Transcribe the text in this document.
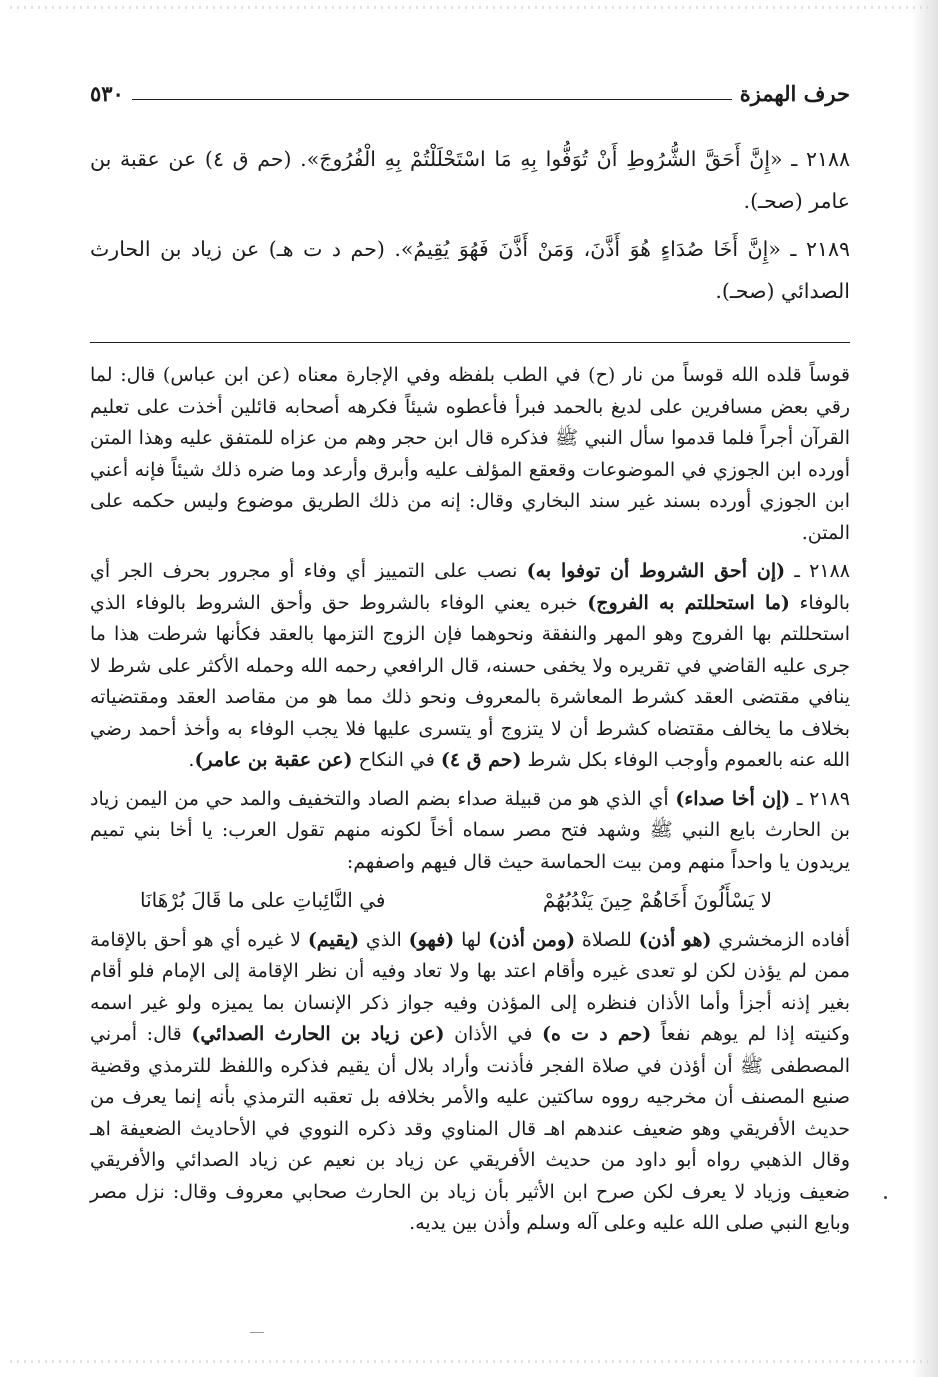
حرف الهمزة
٥٣٠

٢١٨٨ ـ «إِنَّ أَحَقَّ الشُّرُوطِ أَنْ تُوَفُّوا بِهِ مَا اسْتَحْلَلْتُمْ بِهِ الْفُرُوجَ». (حم ق ٤) عن عقبة بن عامر (صحـ).

٢١٨٩ ـ «إِنَّ أَخَا صُدَاءٍ هُوَ أَذَّنَ، وَمَنْ أَذَّنَ فَهُوَ يُقِيمُ». (حم د ت هـ) عن زياد بن الحارث الصدائي (صحـ).

قوساً قلده الله قوساً من نار (ح) في الطب بلفظه وفي الإجارة معناه (عن ابن عباس) قال: لما رقي بعض مسافرين على لديغ بالحمد فبرأ فأعطوه شيئاً فكرهه أصحابه قائلين أخذت على تعليم القرآن أجراً فلما قدموا سأل النبي ﷺ فذكره قال ابن حجر وهم من عزاه للمتفق عليه وهذا المتن أورده ابن الجوزي في الموضوعات وقعقع المؤلف عليه وأبرق وأرعد وما ضره ذلك شيئاً فإنه أعني ابن الجوزي أورده بسند غير سند البخاري وقال: إنه من ذلك الطريق موضوع وليس حكمه على المتن.

٢١٨٨ ـ (إن أحق الشروط أن توفوا به) نصب على التمييز أي وفاء أو مجرور بحرف الجر أي بالوفاء (ما استحللتم به الفروج) خبره يعني الوفاء بالشروط حق وأحق الشروط بالوفاء الذي استحللتم بها الفروج وهو المهر والنفقة ونحوهما فإن الزوج التزمها بالعقد فكأنها شرطت هذا ما جرى عليه القاضي في تقريره ولا يخفى حسنه، قال الرافعي رحمه الله وحمله الأكثر على شرط لا ينافي مقتضى العقد كشرط المعاشرة بالمعروف ونحو ذلك مما هو من مقاصد العقد ومقتضياته بخلاف ما يخالف مقتضاه كشرط أن لا يتزوج أو يتسرى عليها فلا يجب الوفاء به وأخذ أحمد رضي الله عنه بالعموم وأوجب الوفاء بكل شرط (حم ق ٤) في النكاح (عن عقبة بن عامر).

٢١٨٩ ـ (إن أخا صداء) أي الذي هو من قبيلة صداء بضم الصاد والتخفيف والمد حي من اليمن زياد بن الحارث بايع النبي ﷺ وشهد فتح مصر سماه أخاً لكونه منهم تقول العرب: يا أخا بني تميم يريدون يا واحداً منهم ومن بيت الحماسة حيث قال فيهم واصفهم:

لا يَسْأَلُونَ أَخَاهُمْ حِينَ يَنْدُبُهُمْ
في النَّائِباتِ على ما قَالَ بُرْهَانَا

أفاده الزمخشري (هو أذن) للصلاة (ومن أذن) لها (فهو) الذي (يقيم) لا غيره أي هو أحق بالإقامة ممن لم يؤذن لكن لو تعدى غيره وأقام اعتد بها ولا تعاد وفيه أن نظر الإقامة إلى الإمام فلو أقام بغير إذنه أجزأ وأما الأذان فنظره إلى المؤذن وفيه جواز ذكر الإنسان بما يميزه ولو غير اسمه وكنيته إذا لم يوهم نفعاً (حم د ت ه) في الأذان (عن زياد بن الحارث الصدائي) قال: أمرني المصطفى ﷺ أن أؤذن في صلاة الفجر فأذنت وأراد بلال أن يقيم فذكره واللفظ للترمذي وقضية صنيع المصنف أن مخرجيه رووه ساكتين عليه والأمر بخلافه بل تعقبه الترمذي بأنه إنما يعرف من حديث الأفريقي وهو ضعيف عندهم اهـ قال المناوي وقد ذكره النووي في الأحاديث الضعيفة اهـ وقال الذهبي رواه أبو داود من حديث الأفريقي عن زياد بن نعيم عن زياد الصدائي والأفريقي ضعيف وزياد لا يعرف لكن صرح ابن الأثير بأن زياد بن الحارث صحابي معروف وقال: نزل مصر وبايع النبي صلى الله عليه وعلى آله وسلم وأذن بين يديه.
